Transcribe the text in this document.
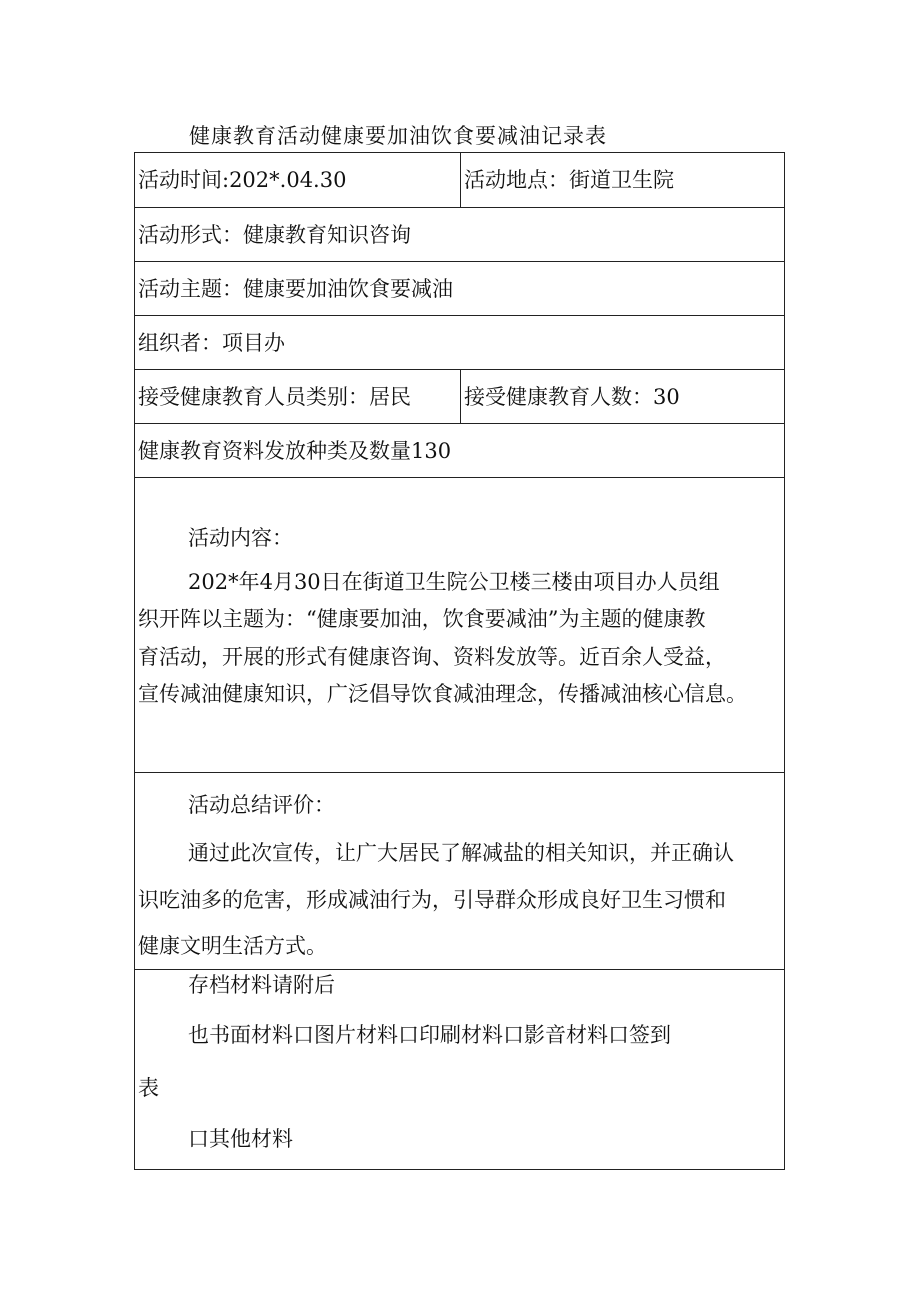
健康教育活动健康要加油饮食要减油记录表
活动时间:202*.04.30	活动地点：街道卫生院
活动形式：健康教育知识咨询
活动主题：健康要加油饮食要减油
组织者：项目办
接受健康教育人员类别：居民	接受健康教育人数：30
健康教育资料发放种类及数量130
活动内容：
202*年4月30日在街道卫生院公卫楼三楼由项目办人员组
织开阵以主题为：“健康要加油，饮食要减油”为主题的健康教
育活动，开展的形式有健康咨询、资料发放等。近百余人受益，
宣传减油健康知识，广泛倡导饮食减油理念，传播减油核心信息。
活动总结评价：
通过此次宣传，让广大居民了解减盐的相关知识，并正确认
识吃油多的危害，形成减油行为，引导群众形成良好卫生习惯和
健康文明生活方式。
存档材料请附后
也书面材料口图片材料口印刷材料口影音材料口签到
表
口其他材料
